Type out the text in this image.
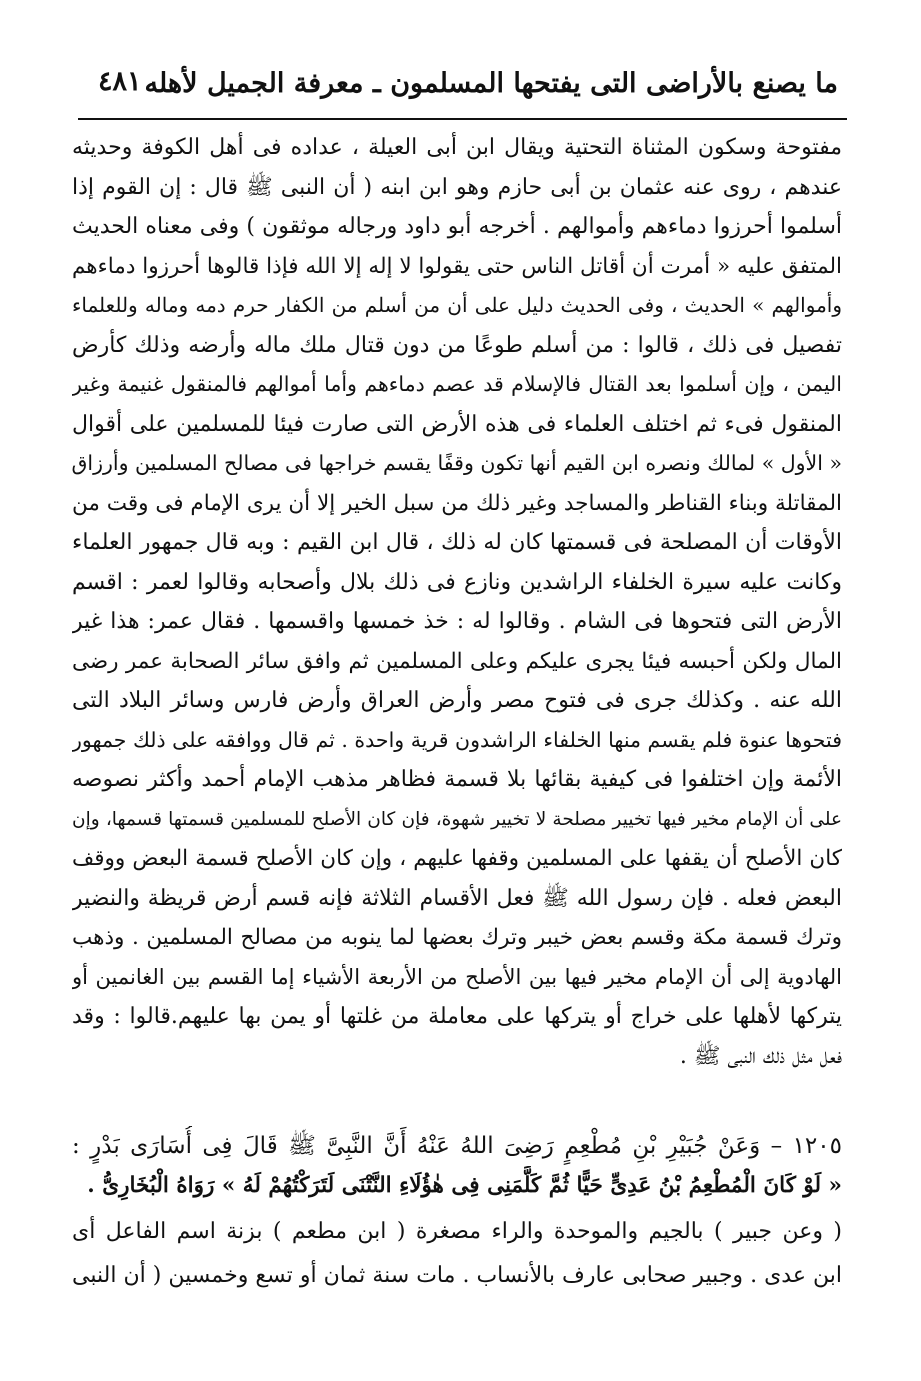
ما يصنع بالأراضى التى يفتحها المسلمون ـ معرفة الجميل لأهله
٤٨١
مفتوحة وسكون المثناة التحتية ويقال ابن أبى العيلة ، عداده فى أهل الكوفة وحديثه
عندهم ، روى عنه عثمان بن أبى حازم وهو ابن ابنه ( أن النبى ﷺ قال : إن القوم إذا
أسلموا أحرزوا دماءهم وأموالهم . أخرجه أبو داود ورجاله موثقون ) وفى معناه الحديث
المتفق عليه « أمرت أن أقاتل الناس حتى يقولوا لا إله إلا الله فإذا قالوها أحرزوا دماءهم
وأموالهم » الحديث ، وفى الحديث دليل على أن من أسلم من الكفار حرم دمه وماله وللعلماء
تفصيل فى ذلك ، قالوا : من أسلم طوعًا من دون قتال ملك ماله وأرضه وذلك كأرض
اليمن ، وإن أسلموا بعد القتال فالإسلام قد عصم دماءهم وأما أموالهم فالمنقول غنيمة وغير
المنقول فىء ثم اختلف العلماء فى هذه الأرض التى صارت فيئا للمسلمين على أقوال
« الأول » لمالك ونصره ابن القيم أنها تكون وقفًا يقسم خراجها فى مصالح المسلمين وأرزاق
المقاتلة وبناء القناطر والمساجد وغير ذلك من سبل الخير إلا أن يرى الإمام فى وقت من
الأوقات أن المصلحة فى قسمتها كان له ذلك ، قال ابن القيم : وبه قال جمهور العلماء
وكانت عليه سيرة الخلفاء الراشدين ونازع فى ذلك بلال وأصحابه وقالوا لعمر : اقسم
الأرض التى فتحوها فى الشام . وقالوا له : خذ خمسها واقسمها . فقال عمر: هذا غير
المال ولكن أحبسه فيئا يجرى عليكم وعلى المسلمين ثم وافق سائر الصحابة عمر رضى
الله عنه . وكذلك جرى فى فتوح مصر وأرض العراق وأرض فارس وسائر البلاد التى
فتحوها عنوة فلم يقسم منها الخلفاء الراشدون قرية واحدة . ثم قال ووافقه على ذلك جمهور
الأئمة وإن اختلفوا فى كيفية بقائها بلا قسمة فظاهر مذهب الإمام أحمد وأكثر نصوصه
على أن الإمام مخير فيها تخيير مصلحة لا تخيير شهوة، فإن كان الأصلح للمسلمين قسمتها قسمها، وإن
كان الأصلح أن يقفها على المسلمين وقفها عليهم ، وإن كان الأصلح قسمة البعض ووقف
البعض فعله . فإن رسول الله ﷺ فعل الأقسام الثلاثة فإنه قسم أرض قريظة والنضير
وترك قسمة مكة وقسم بعض خيبر وترك بعضها لما ينوبه من مصالح المسلمين . وذهب
الهادوية إلى أن الإمام مخير فيها بين الأصلح من الأربعة الأشياء إما القسم بين الغانمين أو
يتركها لأهلها على خراج أو يتركها على معاملة من غلتها أو يمن بها عليهم.قالوا : وقد
فعل مثل ذلك النبى ﷺ .
١٢٠٥ – وَعَنْ جُبَيْرِ بْنِ مُطْعِمٍ رَضِىَ اللهُ عَنْهُ أَنَّ النَّبِىَّ ﷺ قَالَ فِى أُسَارَى بَدْرٍ :
« لَوْ كَانَ الْمُطْعِمُ بْنُ عَدِىٍّ حَيًّا ثُمَّ كَلَّمَنِى فِى هٰؤُلَاءِ النَّتْنَى لَتَرَكْتُهُمْ لَهُ » رَوَاهُ الْبُخَارِىُّ .
( وعن جبير ) بالجيم والموحدة والراء مصغرة ( ابن مطعم ) بزنة اسم الفاعل أى
ابن عدى . وجبير صحابى عارف بالأنساب . مات سنة ثمان أو تسع وخمسين ( أن النبى
